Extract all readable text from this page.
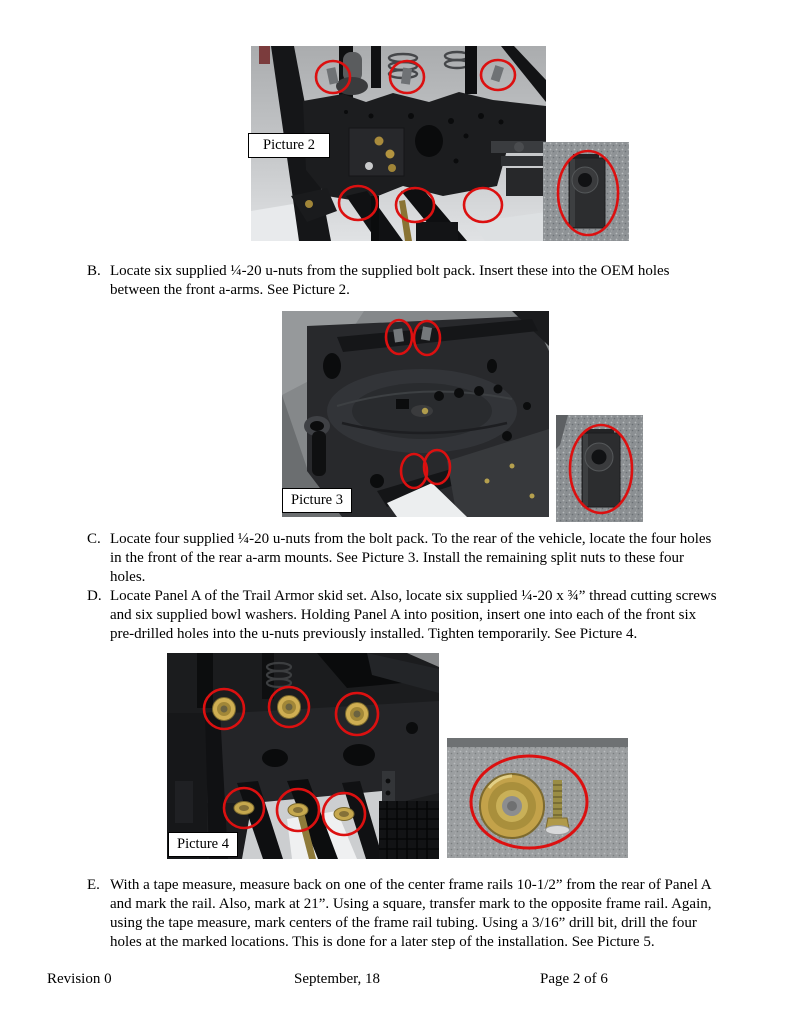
Picture 2
B. Locate six supplied ¼-20 u-nuts from the supplied bolt pack. Insert these into the OEM holes between the front a-arms. See Picture 2.
Picture 3
C. Locate four supplied ¼-20 u-nuts from the bolt pack. To the rear of the vehicle, locate the four holes in the front of the rear a-arm mounts. See Picture 3. Install the remaining split nuts to these four holes.
D. Locate Panel A of the Trail Armor skid set. Also, locate six supplied ¼-20 x ¾” thread cutting screws and six supplied bowl washers. Holding Panel A into position, insert one into each of the front six pre-drilled holes into the u-nuts previously installed. Tighten temporarily. See Picture 4.
Picture 4
E. With a tape measure, measure back on one of the center frame rails 10-1/2” from the rear of Panel A and mark the rail. Also, mark at 21”. Using a square, transfer mark to the opposite frame rail. Again, using the tape measure, mark centers of the frame rail tubing. Using a 3/16” drill bit, drill the four holes at the marked locations. This is done for a later step of the installation. See Picture 5.
Revision 0	September, 18	Page 2 of 6
